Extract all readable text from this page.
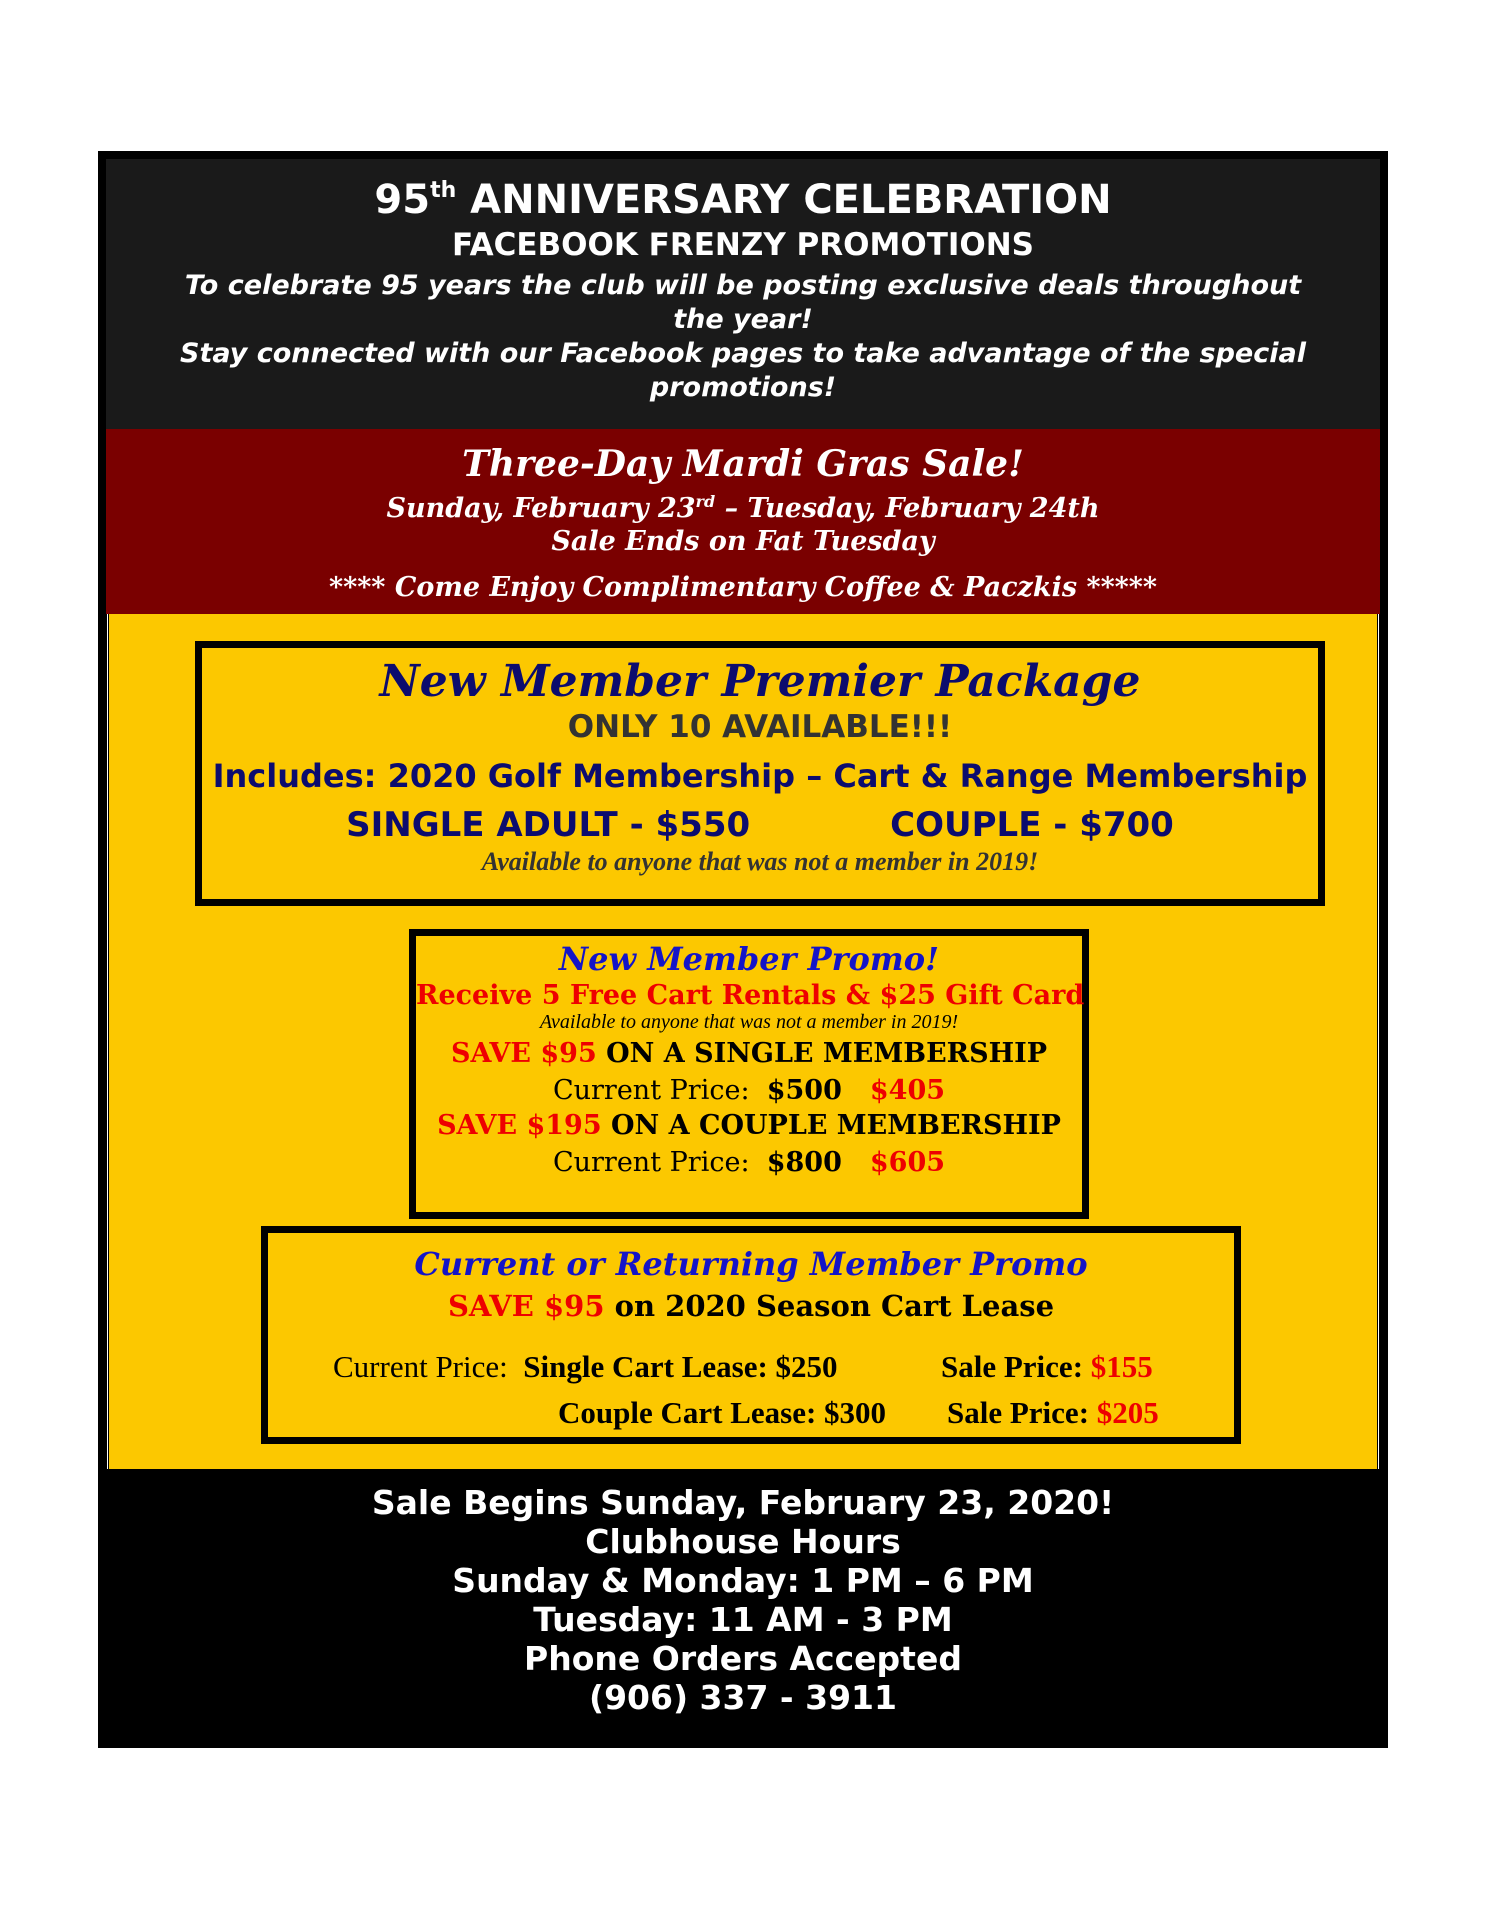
95th ANNIVERSARY CELEBRATION
FACEBOOK FRENZY PROMOTIONS
To celebrate 95 years the club will be posting exclusive deals throughout
the year!
Stay connected with our Facebook pages to take advantage of the special
promotions!
Three-Day Mardi Gras Sale!
Sunday, February 23rd – Tuesday, February 24th
Sale Ends on Fat Tuesday
**** Come Enjoy Complimentary Coffee & Paczkis *****
New Member Premier Package
ONLY 10 AVAILABLE!!!
Includes: 2020 Golf Membership – Cart & Range Membership
SINGLE ADULT - $550	COUPLE - $700
Available to anyone that was not a member in 2019!
New Member Promo!
Receive 5 Free Cart Rentals & $25 Gift Card
Available to anyone that was not a member in 2019!
SAVE $95 ON A SINGLE MEMBERSHIP
Current Price: $500 $405
SAVE $195 ON A COUPLE MEMBERSHIP
Current Price: $800 $605
Current or Returning Member Promo
SAVE $95 on 2020 Season Cart Lease
Current Price: Single Cart Lease: $250	Sale Price: $155
Couple Cart Lease: $300 Sale Price: $205
Sale Begins Sunday, February 23, 2020!
Clubhouse Hours
Sunday & Monday: 1 PM – 6 PM
Tuesday: 11 AM - 3 PM
Phone Orders Accepted
(906) 337 - 3911
